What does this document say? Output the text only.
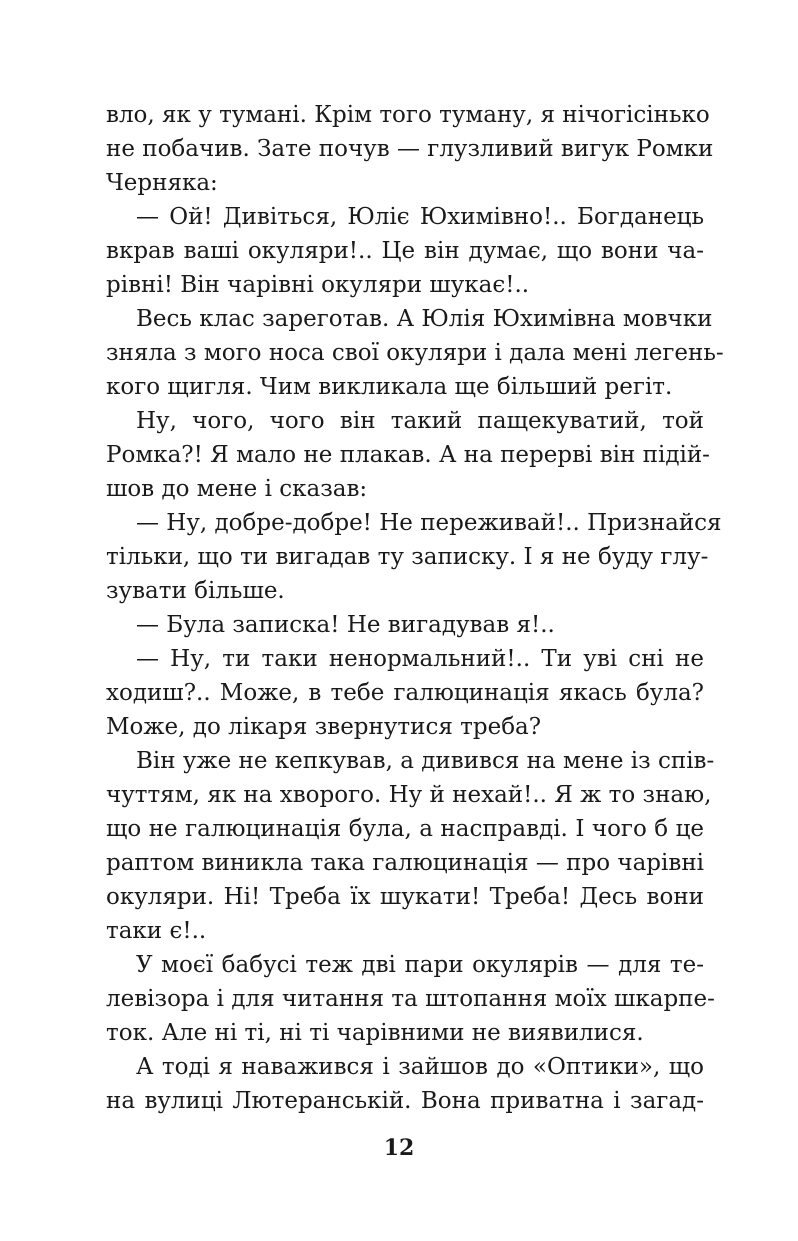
вло, як у тумані. Крім того туману, я нічогісінько
не побачив. Зате почув — глузливий вигук Ромки
Черняка:
— Ой! Дивіться, Юліє Юхимівно!.. Богданець
вкрав ваші окуляри!.. Це він думає, що вони ча-
рівні! Він чарівні окуляри шукає!..
Весь клас зареготав. А Юлія Юхимівна мовчки
зняла з мого носа свої окуляри і дала мені легень-
кого щигля. Чим викликала ще більший регіт.
Ну, чого, чого він такий пащекуватий, той
Ромка?! Я мало не плакав. А на перерві він підій-
шов до мене і сказав:
— Ну, добре-добре! Не переживай!.. Признайся
тільки, що ти вигадав ту записку. І я не буду глу-
зувати більше.
— Була записка! Не вигадував я!..
— Ну, ти таки ненормальний!.. Ти уві сні не
ходиш?.. Може, в тебе галюцинація якась була?
Може, до лікаря звернутися треба?
Він уже не кепкував, а дивився на мене із спів-
чуттям, як на хворого. Ну й нехай!.. Я ж то знаю,
що не галюцинація була, а насправді. І чого б це
раптом виникла така галюцинація — про чарівні
окуляри. Ні! Треба їх шукати! Треба! Десь вони
таки є!..
У моєї бабусі теж дві пари окулярів — для те-
левізора і для читання та штопання моїх шкарпе-
ток. Але ні ті, ні ті чарівними не виявилися.
А тоді я наважився і зайшов до «Оптики», що
на вулиці Лютеранській. Вона приватна і загад-
12
